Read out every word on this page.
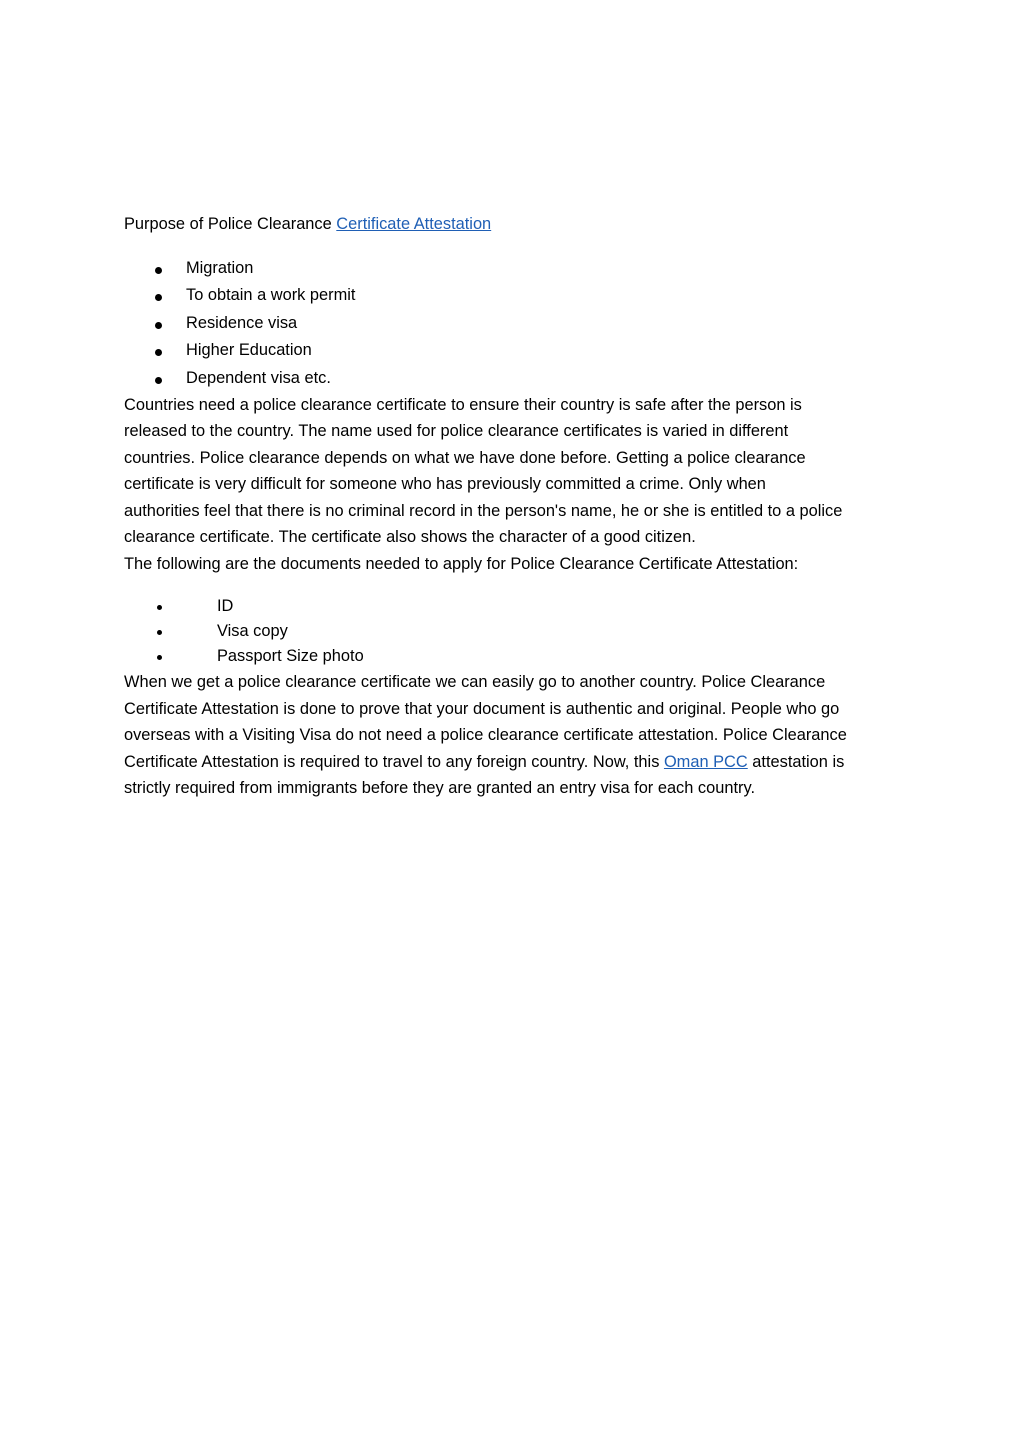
Purpose of Police Clearance Certificate Attestation

Migration
To obtain a work permit
Residence visa
Higher Education
Dependent visa etc.

Countries need a police clearance certificate to ensure their country is safe after the person is
released to the country. The name used for police clearance certificates is varied in different
countries. Police clearance depends on what we have done before. Getting a police clearance
certificate is very difficult for someone who has previously committed a crime. Only when
authorities feel that there is no criminal record in the person's name, he or she is entitled to a police
clearance certificate. The certificate also shows the character of a good citizen.

The following are the documents needed to apply for Police Clearance Certificate Attestation:

ID
Visa copy
Passport Size photo

When we get a police clearance certificate we can easily go to another country. Police Clearance
Certificate Attestation is done to prove that your document is authentic and original. People who go
overseas with a Visiting Visa do not need a police clearance certificate attestation. Police Clearance
Certificate Attestation is required to travel to any foreign country. Now, this Oman PCC attestation is
strictly required from immigrants before they are granted an entry visa for each country.
